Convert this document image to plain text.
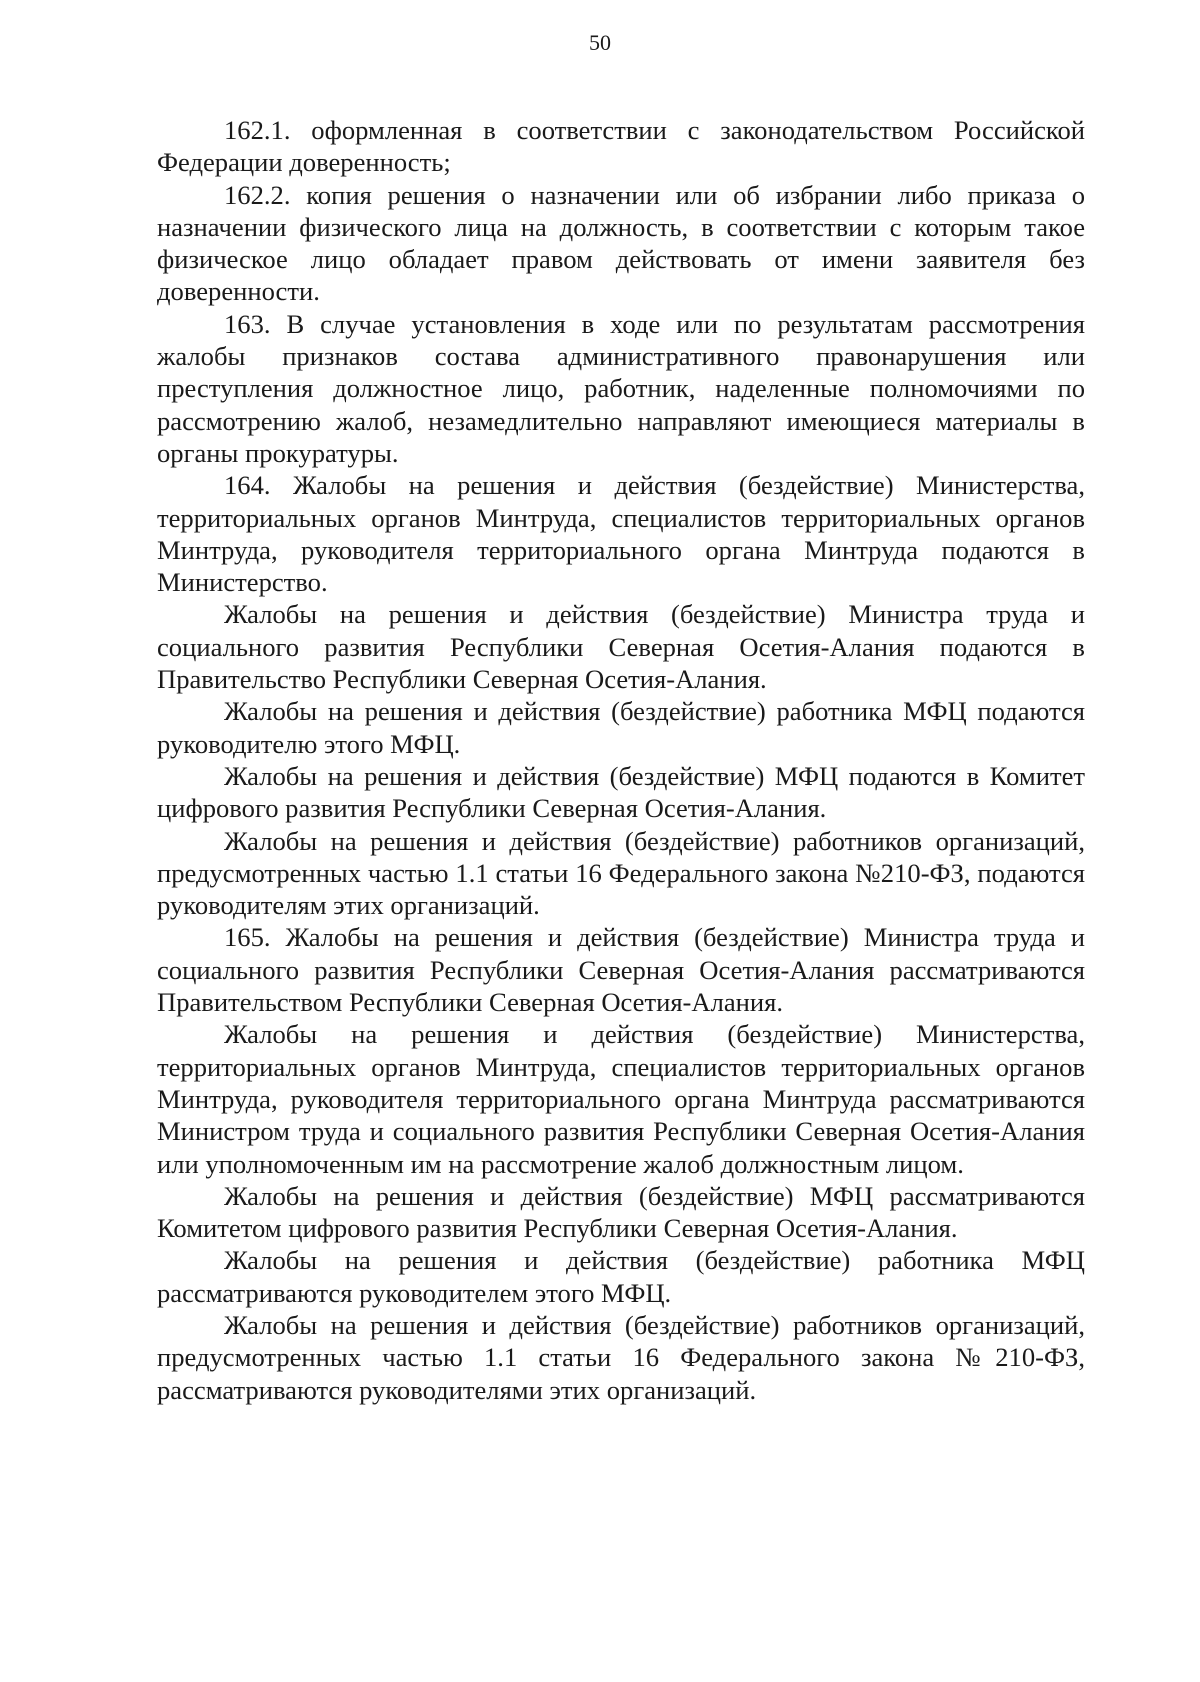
50

162.1. оформленная в соответствии с законодательством Российской Федерации доверенность;

162.2. копия решения о назначении или об избрании либо приказа о назначении физического лица на должность, в соответствии с которым такое физическое лицо обладает правом действовать от имени заявителя без доверенности.

163. В случае установления в ходе или по результатам рассмотрения жалобы признаков состава административного правонарушения или преступления должностное лицо, работник, наделенные полномочиями по рассмотрению жалоб, незамедлительно направляют имеющиеся материалы в органы прокуратуры.

164. Жалобы на решения и действия (бездействие) Министерства, территориальных органов Минтруда, специалистов территориальных органов Минтруда, руководителя территориального органа Минтруда подаются в Министерство.

Жалобы на решения и действия (бездействие) Министра труда и социального развития Республики Северная Осетия-Алания подаются в Правительство Республики Северная Осетия-Алания.

Жалобы на решения и действия (бездействие) работника МФЦ подаются руководителю этого МФЦ.

Жалобы на решения и действия (бездействие) МФЦ подаются в Комитет цифрового развития Республики Северная Осетия-Алания.

Жалобы на решения и действия (бездействие) работников организаций, предусмотренных частью 1.1 статьи 16 Федерального закона №210-ФЗ, подаются руководителям этих организаций.

165. Жалобы на решения и действия (бездействие) Министра труда и социального развития Республики Северная Осетия-Алания рассматриваются Правительством Республики Северная Осетия-Алания.

Жалобы на решения и действия (бездействие) Министерства, территориальных органов Минтруда, специалистов территориальных органов Минтруда, руководителя территориального органа Минтруда рассматриваются Министром труда и социального развития Республики Северная Осетия-Алания или уполномоченным им на рассмотрение жалоб должностным лицом.

Жалобы на решения и действия (бездействие) МФЦ рассматриваются Комитетом цифрового развития Республики Северная Осетия-Алания.

Жалобы на решения и действия (бездействие) работника МФЦ рассматриваются руководителем этого МФЦ.

Жалобы на решения и действия (бездействие) работников организаций, предусмотренных частью 1.1 статьи 16 Федерального закона №210-ФЗ, рассматриваются руководителями этих организаций.
